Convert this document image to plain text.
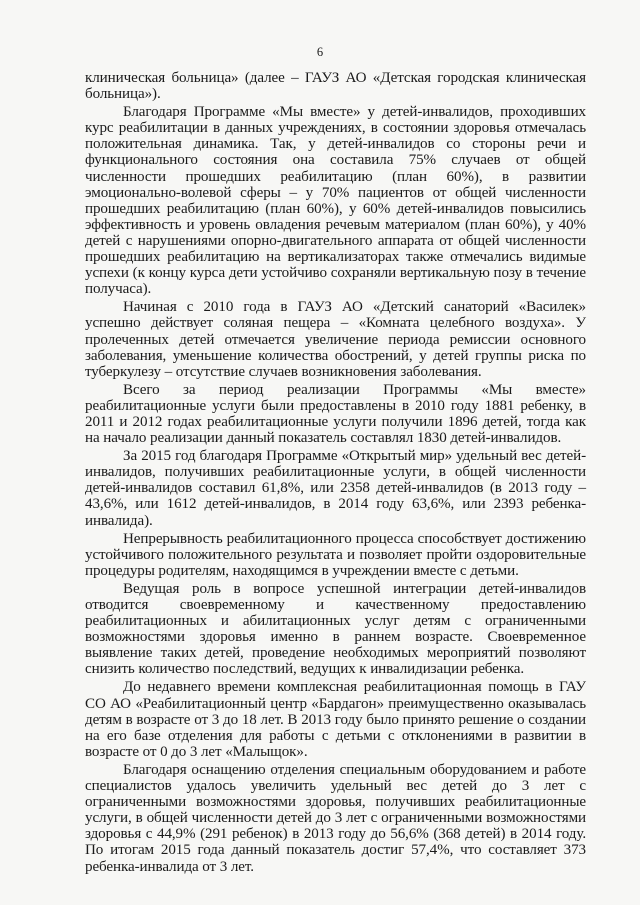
6

клиническая больница» (далее – ГАУЗ АО «Детская городская клиническая больница»).

Благодаря Программе «Мы вместе» у детей-инвалидов, проходивших курс реабилитации в данных учреждениях, в состоянии здоровья отмечалась положительная динамика. Так, у детей-инвалидов со стороны речи и функционального состояния она составила 75% случаев от общей численности прошедших реабилитацию (план 60%), в развитии эмоционально-волевой сферы – у 70% пациентов от общей численности прошедших реабилитацию (план 60%), у 60% детей-инвалидов повысились эффективность и уровень овладения речевым материалом (план 60%), у 40% детей с нарушениями опорно-двигательного аппарата от общей численности прошедших реабилитацию на вертикализаторах также отмечались видимые успехи (к концу курса дети устойчиво сохраняли вертикальную позу в течение получаса).

Начиная с 2010 года в ГАУЗ АО «Детский санаторий «Василек» успешно действует соляная пещера – «Комната целебного воздуха». У пролеченных детей отмечается увеличение периода ремиссии основного заболевания, уменьшение количества обострений, у детей группы риска по туберкулезу – отсутствие случаев возникновения заболевания.

Всего за период реализации Программы «Мы вместе» реабилитационные услуги были предоставлены в 2010 году 1881 ребенку, в 2011 и 2012 годах реабилитационные услуги получили 1896 детей, тогда как на начало реализации данный показатель составлял 1830 детей-инвалидов.

За 2015 год благодаря Программе «Открытый мир» удельный вес детей-инвалидов, получивших реабилитационные услуги, в общей численности детей-инвалидов составил 61,8%, или 2358 детей-инвалидов (в 2013 году – 43,6%, или 1612 детей-инвалидов, в 2014 году 63,6%, или 2393 ребенка-инвалида).

Непрерывность реабилитационного процесса способствует достижению устойчивого положительного результата и позволяет пройти оздоровительные процедуры родителям, находящимся в учреждении вместе с детьми.

Ведущая роль в вопросе успешной интеграции детей-инвалидов отводится своевременному и качественному предоставлению реабилитационных и абилитационных услуг детям с ограниченными возможностями здоровья именно в раннем возрасте. Своевременное выявление таких детей, проведение необходимых мероприятий позволяют снизить количество последствий, ведущих к инвалидизации ребенка.

До недавнего времени комплексная реабилитационная помощь в ГАУ СО АО «Реабилитационный центр «Бардагон» преимущественно оказывалась детям в возрасте от 3 до 18 лет. В 2013 году было принято решение о создании на его базе отделения для работы с детьми с отклонениями в развитии в возрасте от 0 до 3 лет «Малыщок».

Благодаря оснащению отделения специальным оборудованием и работе специалистов удалось увеличить удельный вес детей до 3 лет с ограниченными возможностями здоровья, получивших реабилитационные услуги, в общей численности детей до 3 лет с ограниченными возможностями здоровья с 44,9% (291 ребенок) в 2013 году до 56,6% (368 детей) в 2014 году. По итогам 2015 года данный показатель достиг 57,4%, что составляет 373 ребенка-инвалида от 3 лет.
